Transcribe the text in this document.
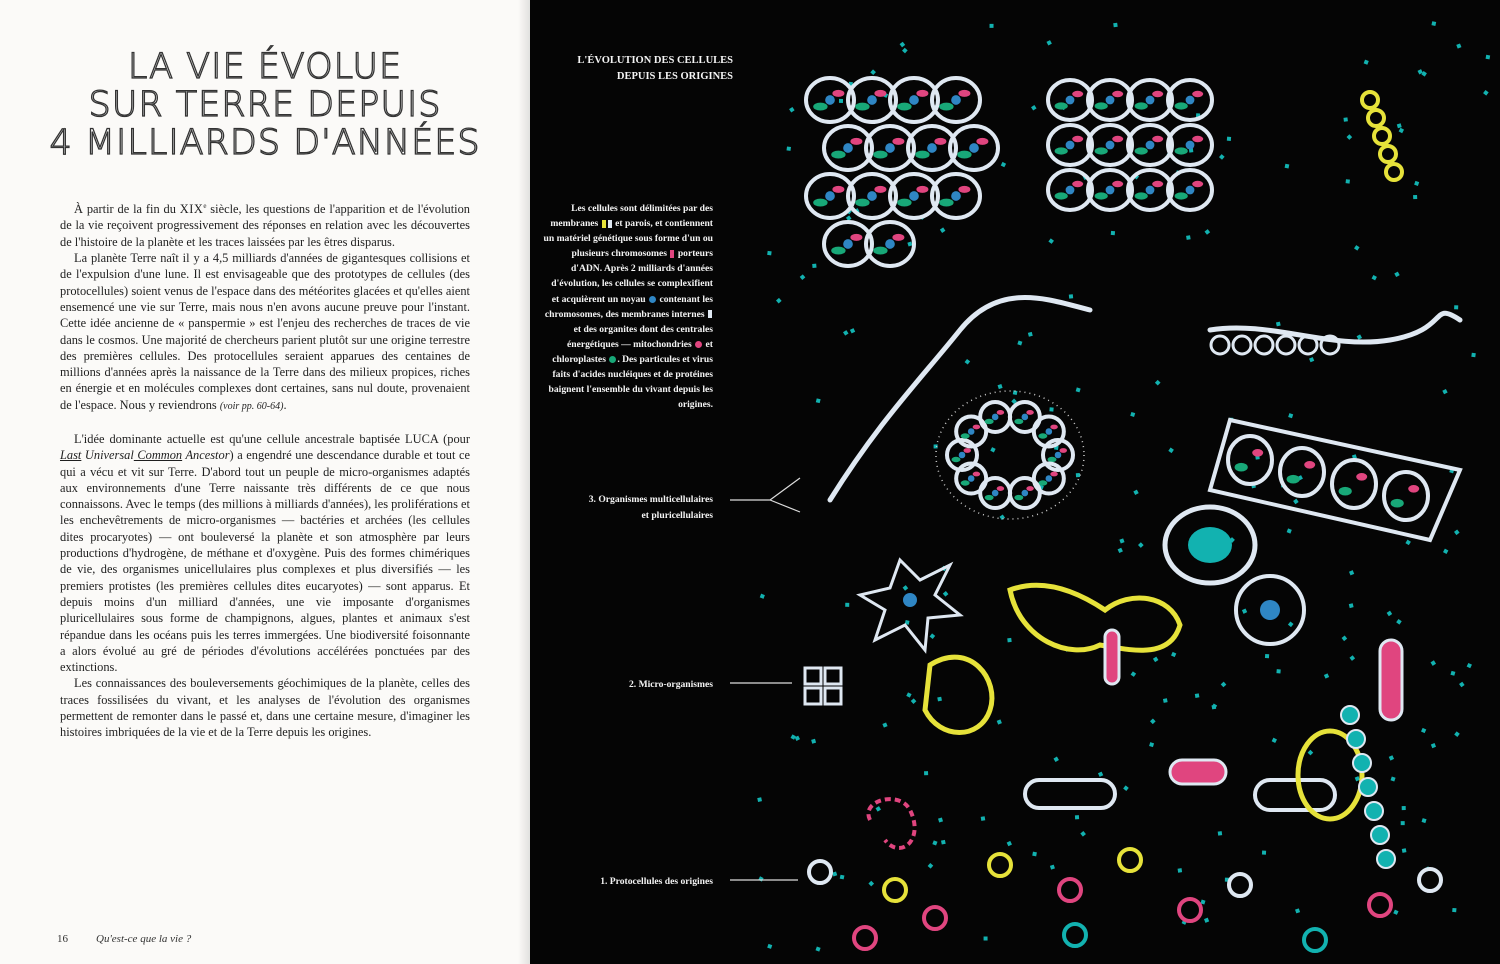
LA VIE ÉVOLUE
SUR TERRE DEPUIS
4 MILLIARDS D'ANNÉES

À partir de la fin du XIXe siècle, les questions de l'apparition et de l'évolution de la vie reçoivent progressivement des réponses en relation avec les découvertes de l'histoire de la planète et les traces laissées par les êtres disparus.

La planète Terre naît il y a 4,5 milliards d'années de gigantesques collisions et de l'expulsion d'une lune. Il est envisageable que des prototypes de cellules (des protocellules) soient venus de l'espace dans des météorites glacées et qu'elles aient ensemencé une vie sur Terre, mais nous n'en avons aucune preuve pour l'instant. Cette idée ancienne de « panspermie » est l'enjeu des recherches de traces de vie dans le cosmos. Une majorité de chercheurs parient plutôt sur une origine terrestre des premières cellules. Des protocellules seraient apparues des centaines de millions d'années après la naissance de la Terre dans des milieux propices, riches en énergie et en molécules complexes dont certaines, sans nul doute, provenaient de l'espace. Nous y reviendrons (voir pp. 60-64).

L'idée dominante actuelle est qu'une cellule ancestrale baptisée LUCA (pour Last Universal Common Ancestor) a engendré une descendance durable et tout ce qui a vécu et vit sur Terre. D'abord tout un peuple de micro-organismes adaptés aux environnements d'une Terre naissante très différents de ce que nous connaissons. Avec le temps (des millions à milliards d'années), les proliférations et les enchevêtrements de micro-organismes — bactéries et archées (les cellules dites procaryotes) — ont bouleversé la planète et son atmosphère par leurs productions d'hydrogène, de méthane et d'oxygène. Puis des formes chimériques de vie, des organismes unicellulaires plus complexes et plus diversifiés — les premiers protistes (les premières cellules dites eucaryotes) — sont apparus. Et depuis moins d'un milliard d'années, une vie imposante d'organismes pluricellulaires sous forme de champignons, algues, plantes et animaux s'est répandue dans les océans puis les terres immergées. Une biodiversité foisonnante a alors évolué au gré de périodes d'évolutions accélérées ponctuées par des extinctions.

Les connaissances des bouleversements géochimiques de la planète, celles des traces fossilisées du vivant, et les analyses de l'évolution des organismes permettent de remonter dans le passé et, dans une certaine mesure, d'imaginer les histoires imbriquées de la vie et de la Terre depuis les origines.

16	Qu'est-ce que la vie ?
L'ÉVOLUTION DES CELLULES
DEPUIS LES ORIGINES
Les cellules sont délimitées par des membranes et parois, et contiennent un matériel génétique sous forme d'un ou plusieurs chromosomes porteurs d'ADN. Après 2 milliards d'années d'évolution, les cellules se complexifient et acquièrent un noyau contenant les chromosomes, des membranes internes  et des organites dont des centrales énergétiques — mitochondries et chloroplastes . Des particules et virus faits d'acides nucléiques et de protéines baignent l'ensemble du vivant depuis les origines.
3. Organismes multicellulaires
et pluricellulaires
2. Micro-organismes
1. Protocellules des origines
